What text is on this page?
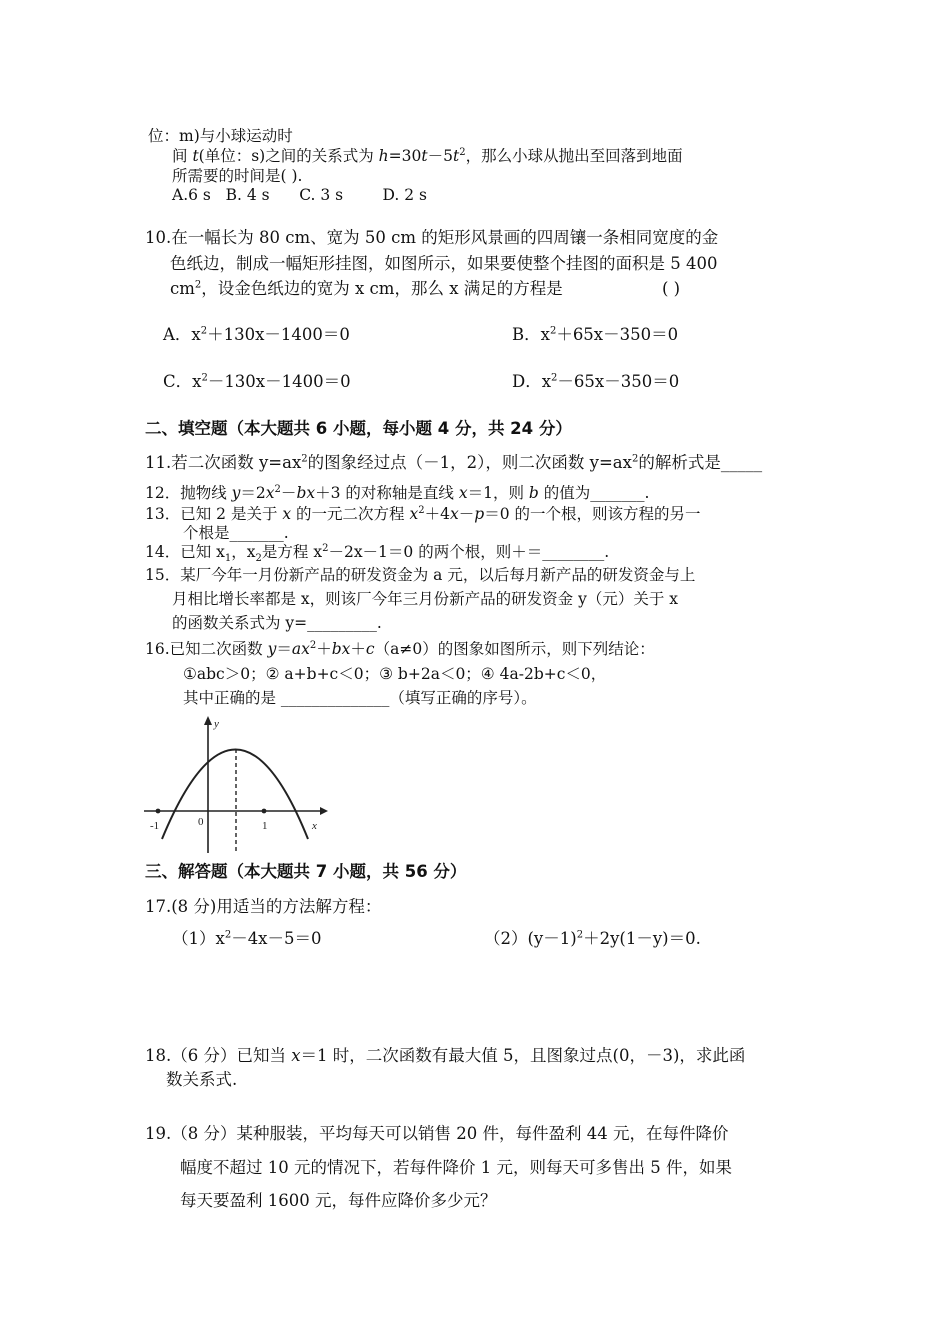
位：m)与小球运动时
间 t(单位：s)之间的关系式为 $h=30t-5t^2$，那么小球从抛出至回落到地面
所需要的时间是( ).
A.6 s   B. 4 s      C. 3 s        D. 2 s
10.在一幅长为 80 cm、宽为 50 cm 的矩形风景画的四周镶一条相同宽度的金
色纸边，制成一幅矩形挂图，如图所示，如果要使整个挂图的面积是 5 400
$cm^2$，设金色纸边的宽为 x cm，那么 x 满足的方程是	( )
A．$x^2+130x-1400=0$	B．$x^2+65x-350=0$
C．$x^2-130x-1400=0$	D．$x^2-65x-350=0$
二、填空题（本大题共 6 小题，每小题 4 分，共 24 分）
11.若二次函数 $y=ax^2$的图象经过点（－1，2），则二次函数 $y=ax^2$的解析式是_____
12．抛物线 $y=2x^2-bx+3$ 的对称轴是直线 x＝1，则 b 的值为_______.
13．已知 2 是关于 x 的一元二次方程 $x^2+4x-p=0$ 的一个根，则该方程的另一
个根是_______.
14．已知 $x_1$，$x_2$是方程 $x^2-2x-1=0$ 的两个根，则＋＝________.
15．某厂今年一月份新产品的研发资金为 a 元，以后每月新产品的研发资金与上
月相比增长率都是 x，则该厂今年三月份新产品的研发资金 y（元）关于 x
的函数关系式为 y=_________.
16.已知二次函数 $y=ax^2+bx+c(a\ne 0)$的图象如图所示，则下列结论：
①abc＞0；② a+b+c＜0；③ b+2a＜0；④ 4a-2b+c＜0，
其中正确的是 ______________（填写正确的序号）。
y
x
-1	0	1
三、解答题（本大题共 7 小题，共 56 分）
17.(8 分)用适当的方法解方程：
$(1)x^2-4x-5=0$	$(2)(y-1)^2+2y(1-y)=0$.
18.（6 分）已知当 x＝1 时，二次函数有最大值 5，且图象过点(0，－3)，求此函
数关系式.
19.（8 分）某种服装，平均每天可以销售 20 件，每件盈利 44 元，在每件降价
幅度不超过 10 元的情况下，若每件降价 1 元，则每天可多售出 5 件，如果
每天要盈利 1600 元，每件应降价多少元？
